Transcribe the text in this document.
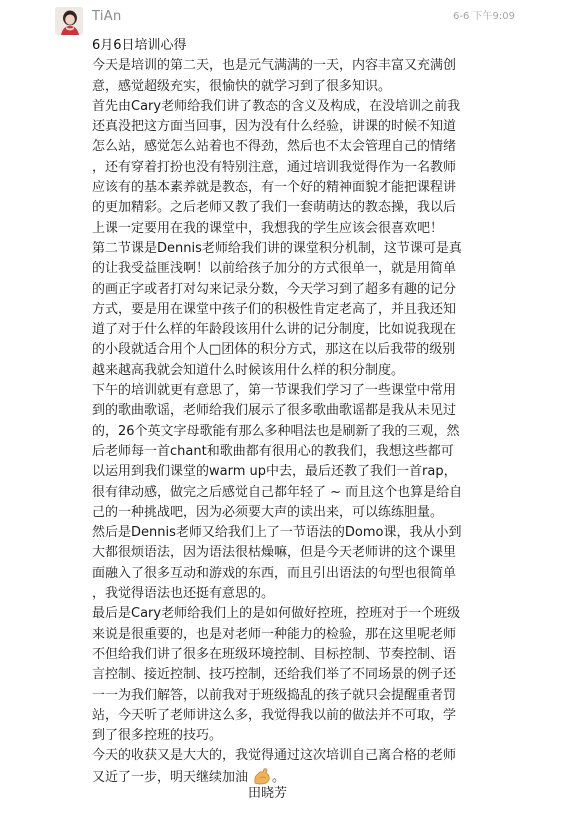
TiAn	6-6 下午9:09
6月6日培训心得
今天是培训的第二天，也是元气满满的一天，内容丰富又充满创
意，感觉超级充实，很愉快的就学习到了很多知识。
首先由Cary老师给我们讲了教态的含义及构成，在没培训之前我
还真没把这方面当回事，因为没有什么经验，讲课的时候不知道
怎么站，感觉怎么站着也不得劲，然后也不太会管理自己的情绪
，还有穿着打扮也没有特别注意，通过培训我觉得作为一名教师
应该有的基本素养就是教态，有一个好的精神面貌才能把课程讲
的更加精彩。之后老师又教了我们一套萌萌达的教态操，我以后
上课一定要用在我的课堂中，我想我的学生应该会很喜欢吧！
第二节课是Dennis老师给我们讲的课堂积分机制，这节课可是真
的让我受益匪浅啊！以前给孩子加分的方式很单一，就是用简单
的画正字或者打对勾来记录分数，今天学习到了超多有趣的记分
方式，要是用在课堂中孩子们的积极性肯定老高了，并且我还知
道了对于什么样的年龄段该用什么讲的记分制度，比如说我现在
的小段就适合用个人□团体的积分方式，那这在以后我带的级别
越来越高我就会知道什么时候该用什么样的积分制度。
下午的培训就更有意思了，第一节课我们学习了一些课堂中常用
到的歌曲歌谣，老师给我们展示了很多歌曲歌谣都是我从未见过
的，26个英文字母歌能有那么多种唱法也是刷新了我的三观，然
后老师每一首chant和歌曲都有很用心的教我们，我想这些都可
以运用到我们课堂的warm up中去，最后还教了我们一首rap，
很有律动感，做完之后感觉自己都年轻了 ~ 而且这个也算是给自
己的一种挑战吧，因为必须要大声的读出来，可以练练胆量。
然后是Dennis老师又给我们上了一节语法的Domo课，我从小到
大都很烦语法，因为语法很枯燥嘛，但是今天老师讲的这个课里
面融入了很多互动和游戏的东西，而且引出语法的句型也很简单
，我觉得语法也还挺有意思的。
最后是Cary老师给我们上的是如何做好控班，控班对于一个班级
来说是很重要的，也是对老师一种能力的检验，那在这里呢老师
不但给我们讲了很多在班级环境控制、目标控制、节奏控制、语
言控制、接近控制、技巧控制，还给我们举了不同场景的例子还
一一为我们解答，以前我对于班级捣乱的孩子就只会提醒重者罚
站，今天听了老师讲这么多，我觉得我以前的做法并不可取，学
到了很多控班的技巧。
今天的收获又是大大的，我觉得通过这次培训自己离合格的老师
又近了一步，明天继续加油 。
田晓芳
